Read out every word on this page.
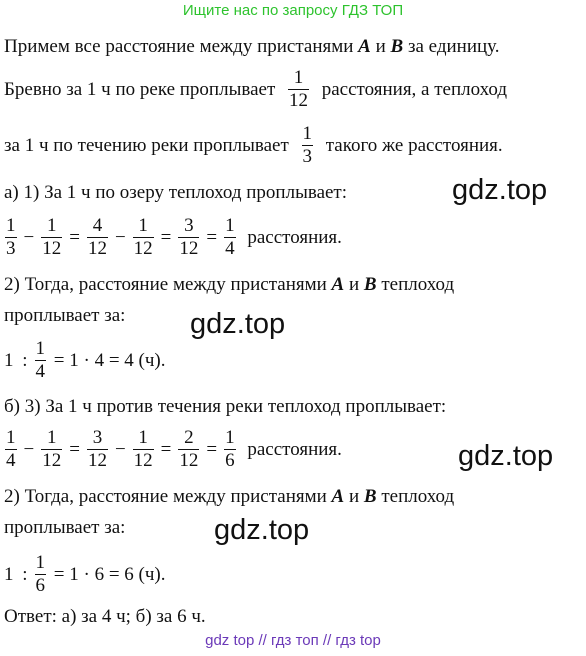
Ищите нас по запросу ГДЗ ТОП
Примем все расстояние между пристанями A и B за единицу.
Бревно за 1 ч по реке проплывает $\frac{1}{12}$ расстояния, а теплоход
за 1 ч по течению реки проплывает $\frac{1}{3}$ такого же расстояния.
а) 1) За 1 ч по озеру теплоход проплывает:	gdz.top
$\frac{1}{3} - \frac{1}{12} = \frac{4}{12} - \frac{1}{12} = \frac{3}{12} = \frac{1}{4}$ расстояния.
2) Тогда, расстояние между пристанями A и B теплоход
проплывает за: gdz.top
1 : $\frac{1}{4} = 1 \cdot 4 = 4$ (ч).
б) 3) За 1 ч против течения реки теплоход проплывает:
$\frac{1}{4} - \frac{1}{12} = \frac{3}{12} - \frac{1}{12} = \frac{2}{12} = \frac{1}{6}$ расстояния.	gdz.top
2) Тогда, расстояние между пристанями A и B теплоход
проплывает за:	gdz.top
1 : $\frac{1}{6} = 1 \cdot 6 = 6$ (ч).
Ответ: а) за 4 ч; б) за 6 ч.
gdz top // гдз топ // гдз top
